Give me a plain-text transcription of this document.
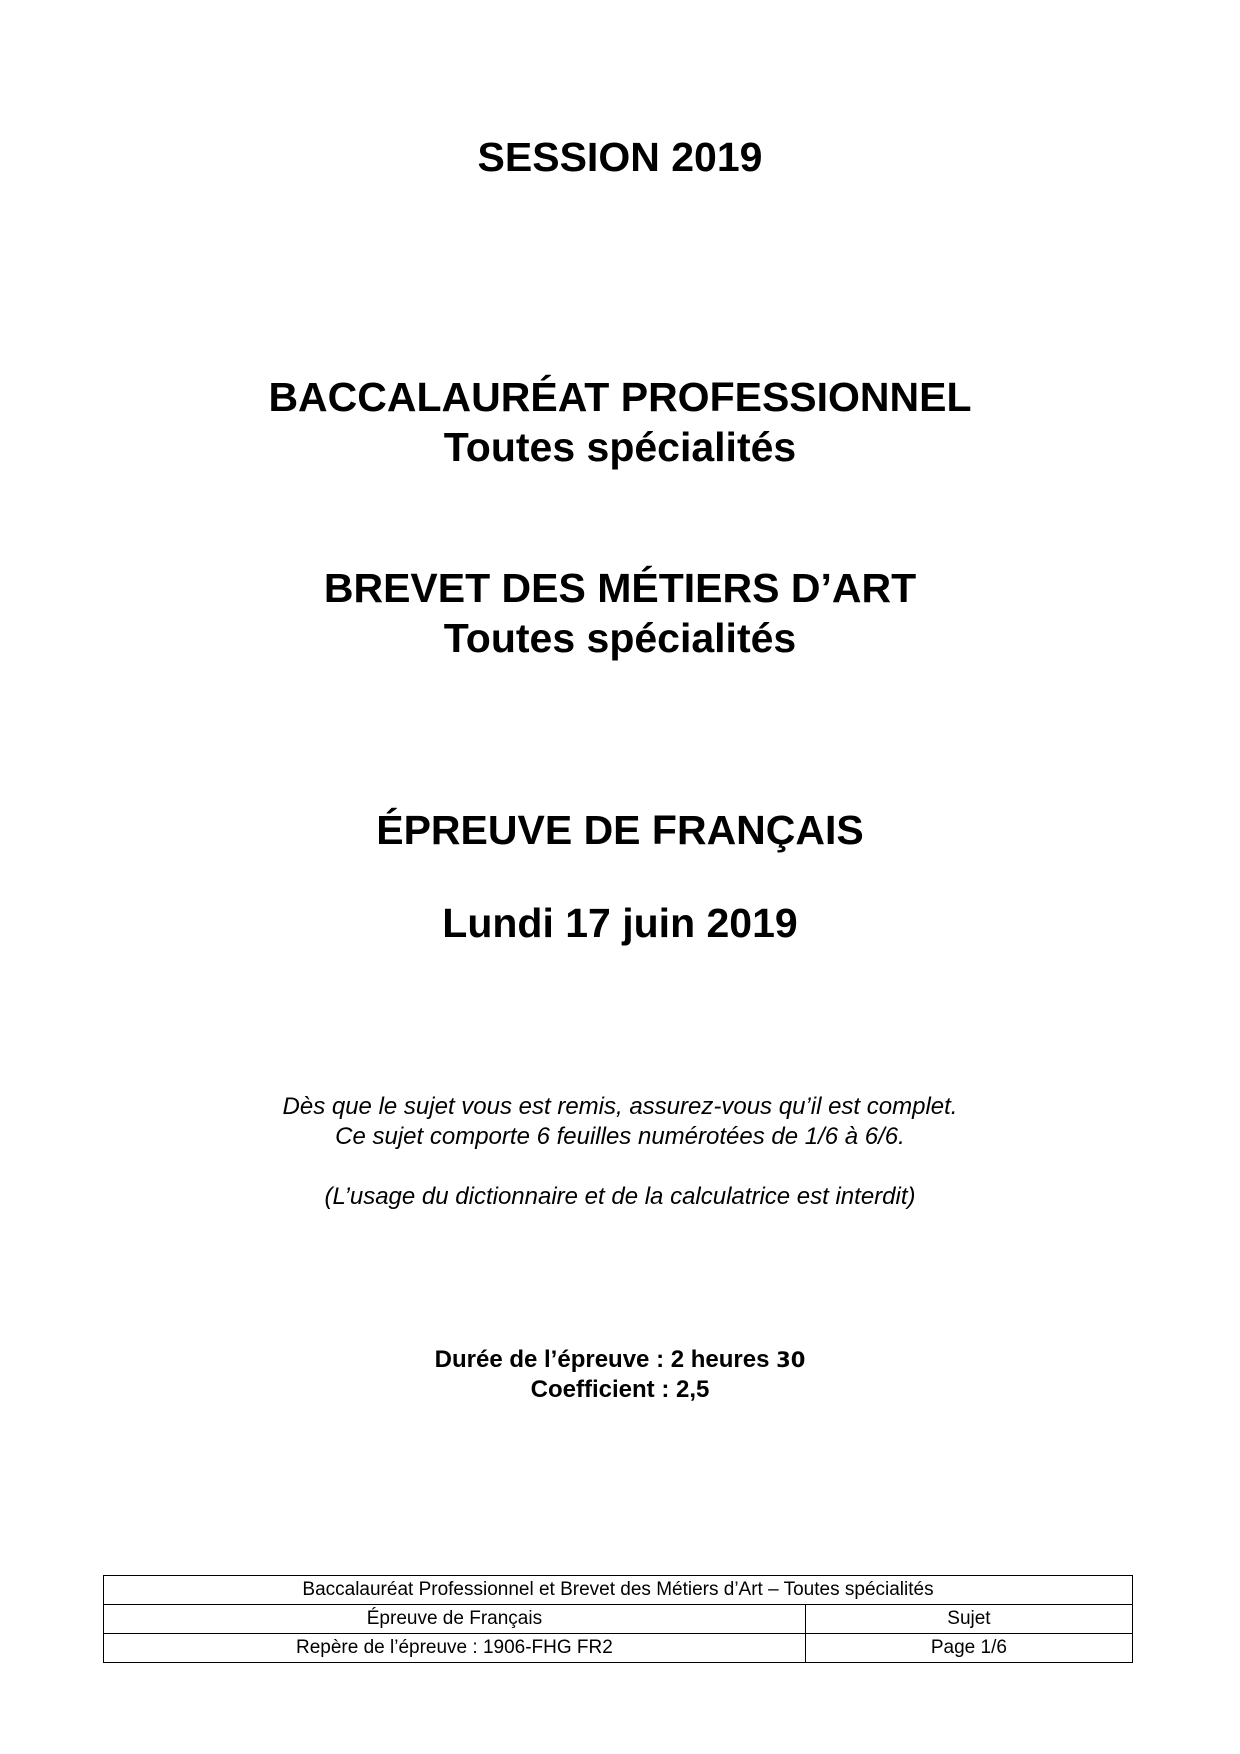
SESSION 2019
BACCALAURÉAT PROFESSIONNEL
Toutes spécialités
BREVET DES MÉTIERS D’ART
Toutes spécialités
ÉPREUVE DE FRANÇAIS
Lundi 17 juin 2019
Dès que le sujet vous est remis, assurez-vous qu’il est complet.
Ce sujet comporte 6 feuilles numérotées de 1/6 à 6/6.
(L’usage du dictionnaire et de la calculatrice est interdit)
Durée de l’épreuve : 2 heures 30
Coefficient : 2,5
Baccalauréat Professionnel et Brevet des Métiers d’Art – Toutes spécialités	
Épreuve de Français	Sujet
Repère de l’épreuve : 1906-FHG FR2	Page 1/6
